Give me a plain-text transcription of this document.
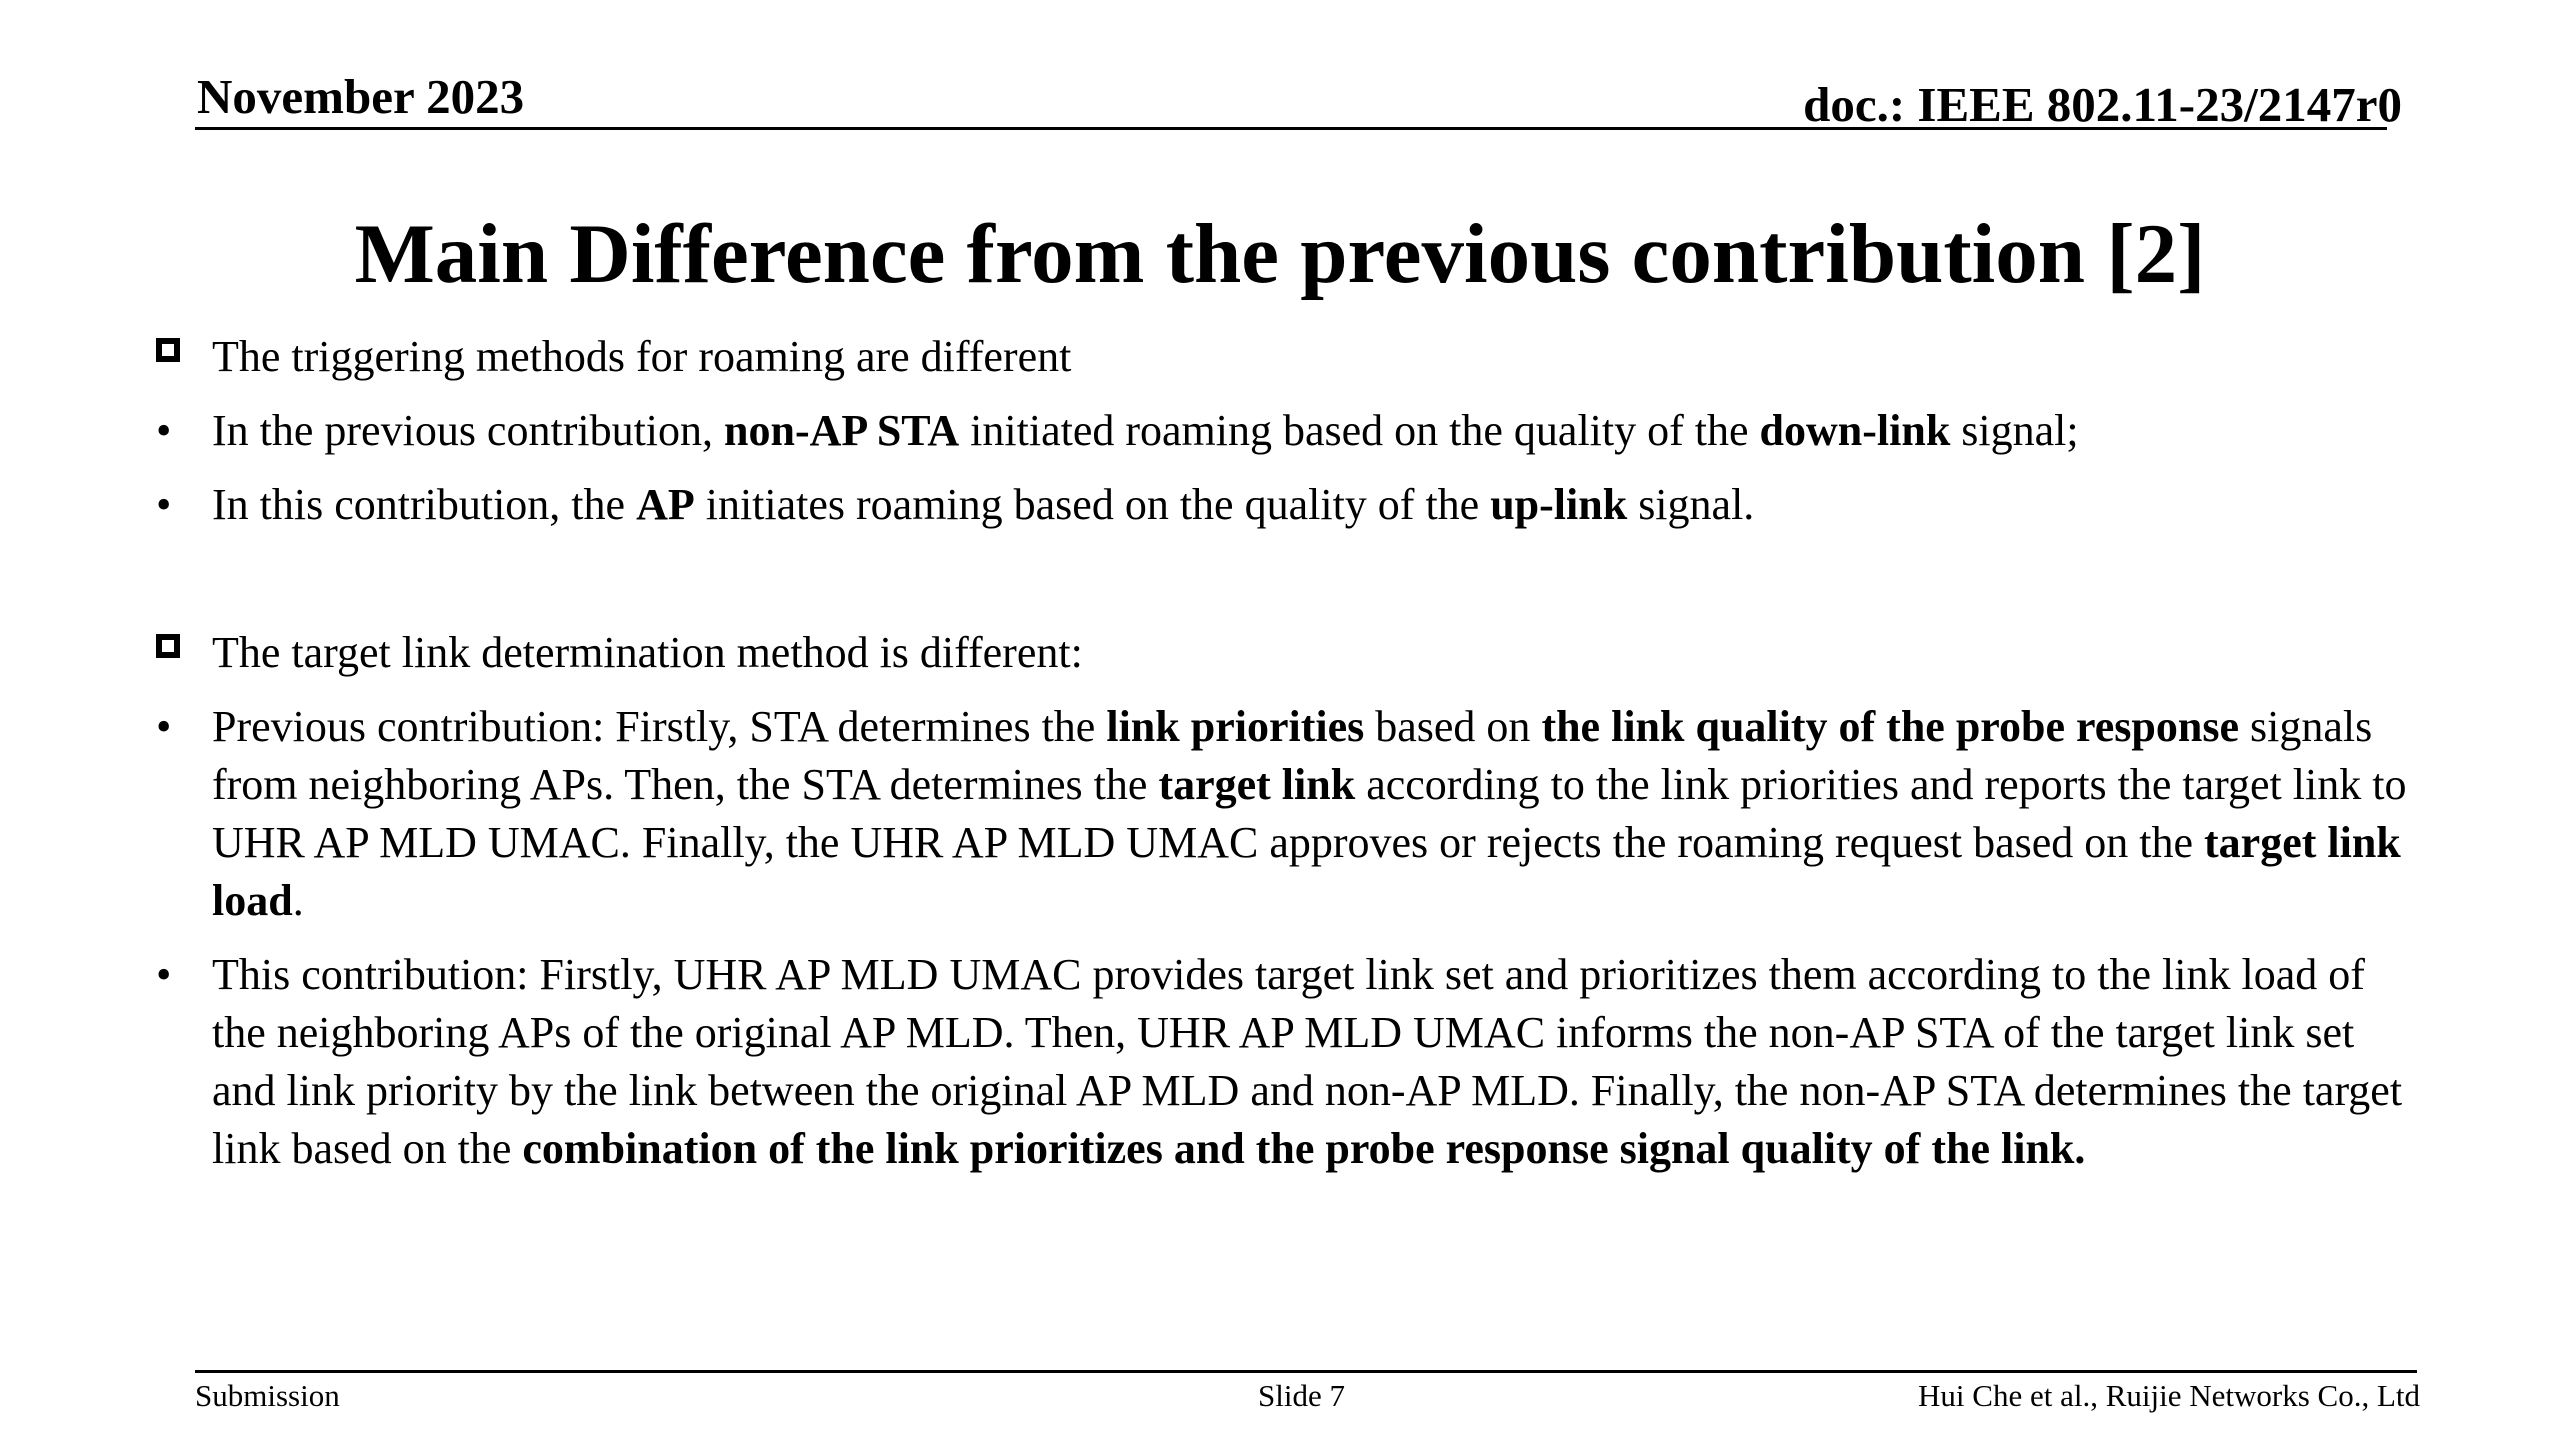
November 2023	doc.: IEEE 802.11-23/2147r0
Main Difference from the previous contribution [2]
The triggering methods for roaming are different
• In the previous contribution, non-AP STA initiated roaming based on the quality of the down-link signal;
• In this contribution, the AP initiates roaming based on the quality of the up-link signal.
The target link determination method is different:
• Previous contribution: Firstly, STA determines the link priorities based on the link quality of the probe response signals from neighboring APs. Then, the STA determines the target link according to the link priorities and reports the target link to UHR AP MLD UMAC. Finally, the UHR AP MLD UMAC approves or rejects the roaming request based on the target link load.
• This contribution: Firstly, UHR AP MLD UMAC provides target link set and prioritizes them according to the link load of the neighboring APs of the original AP MLD. Then, UHR AP MLD UMAC informs the non-AP STA of the target link set and link priority by the link between the original AP MLD and non-AP MLD. Finally, the non-AP STA determines the target link based on the combination of the link prioritizes and the probe response signal quality of the link.
Submission	Slide 7	Hui Che et al., Ruijie Networks Co., Ltd
